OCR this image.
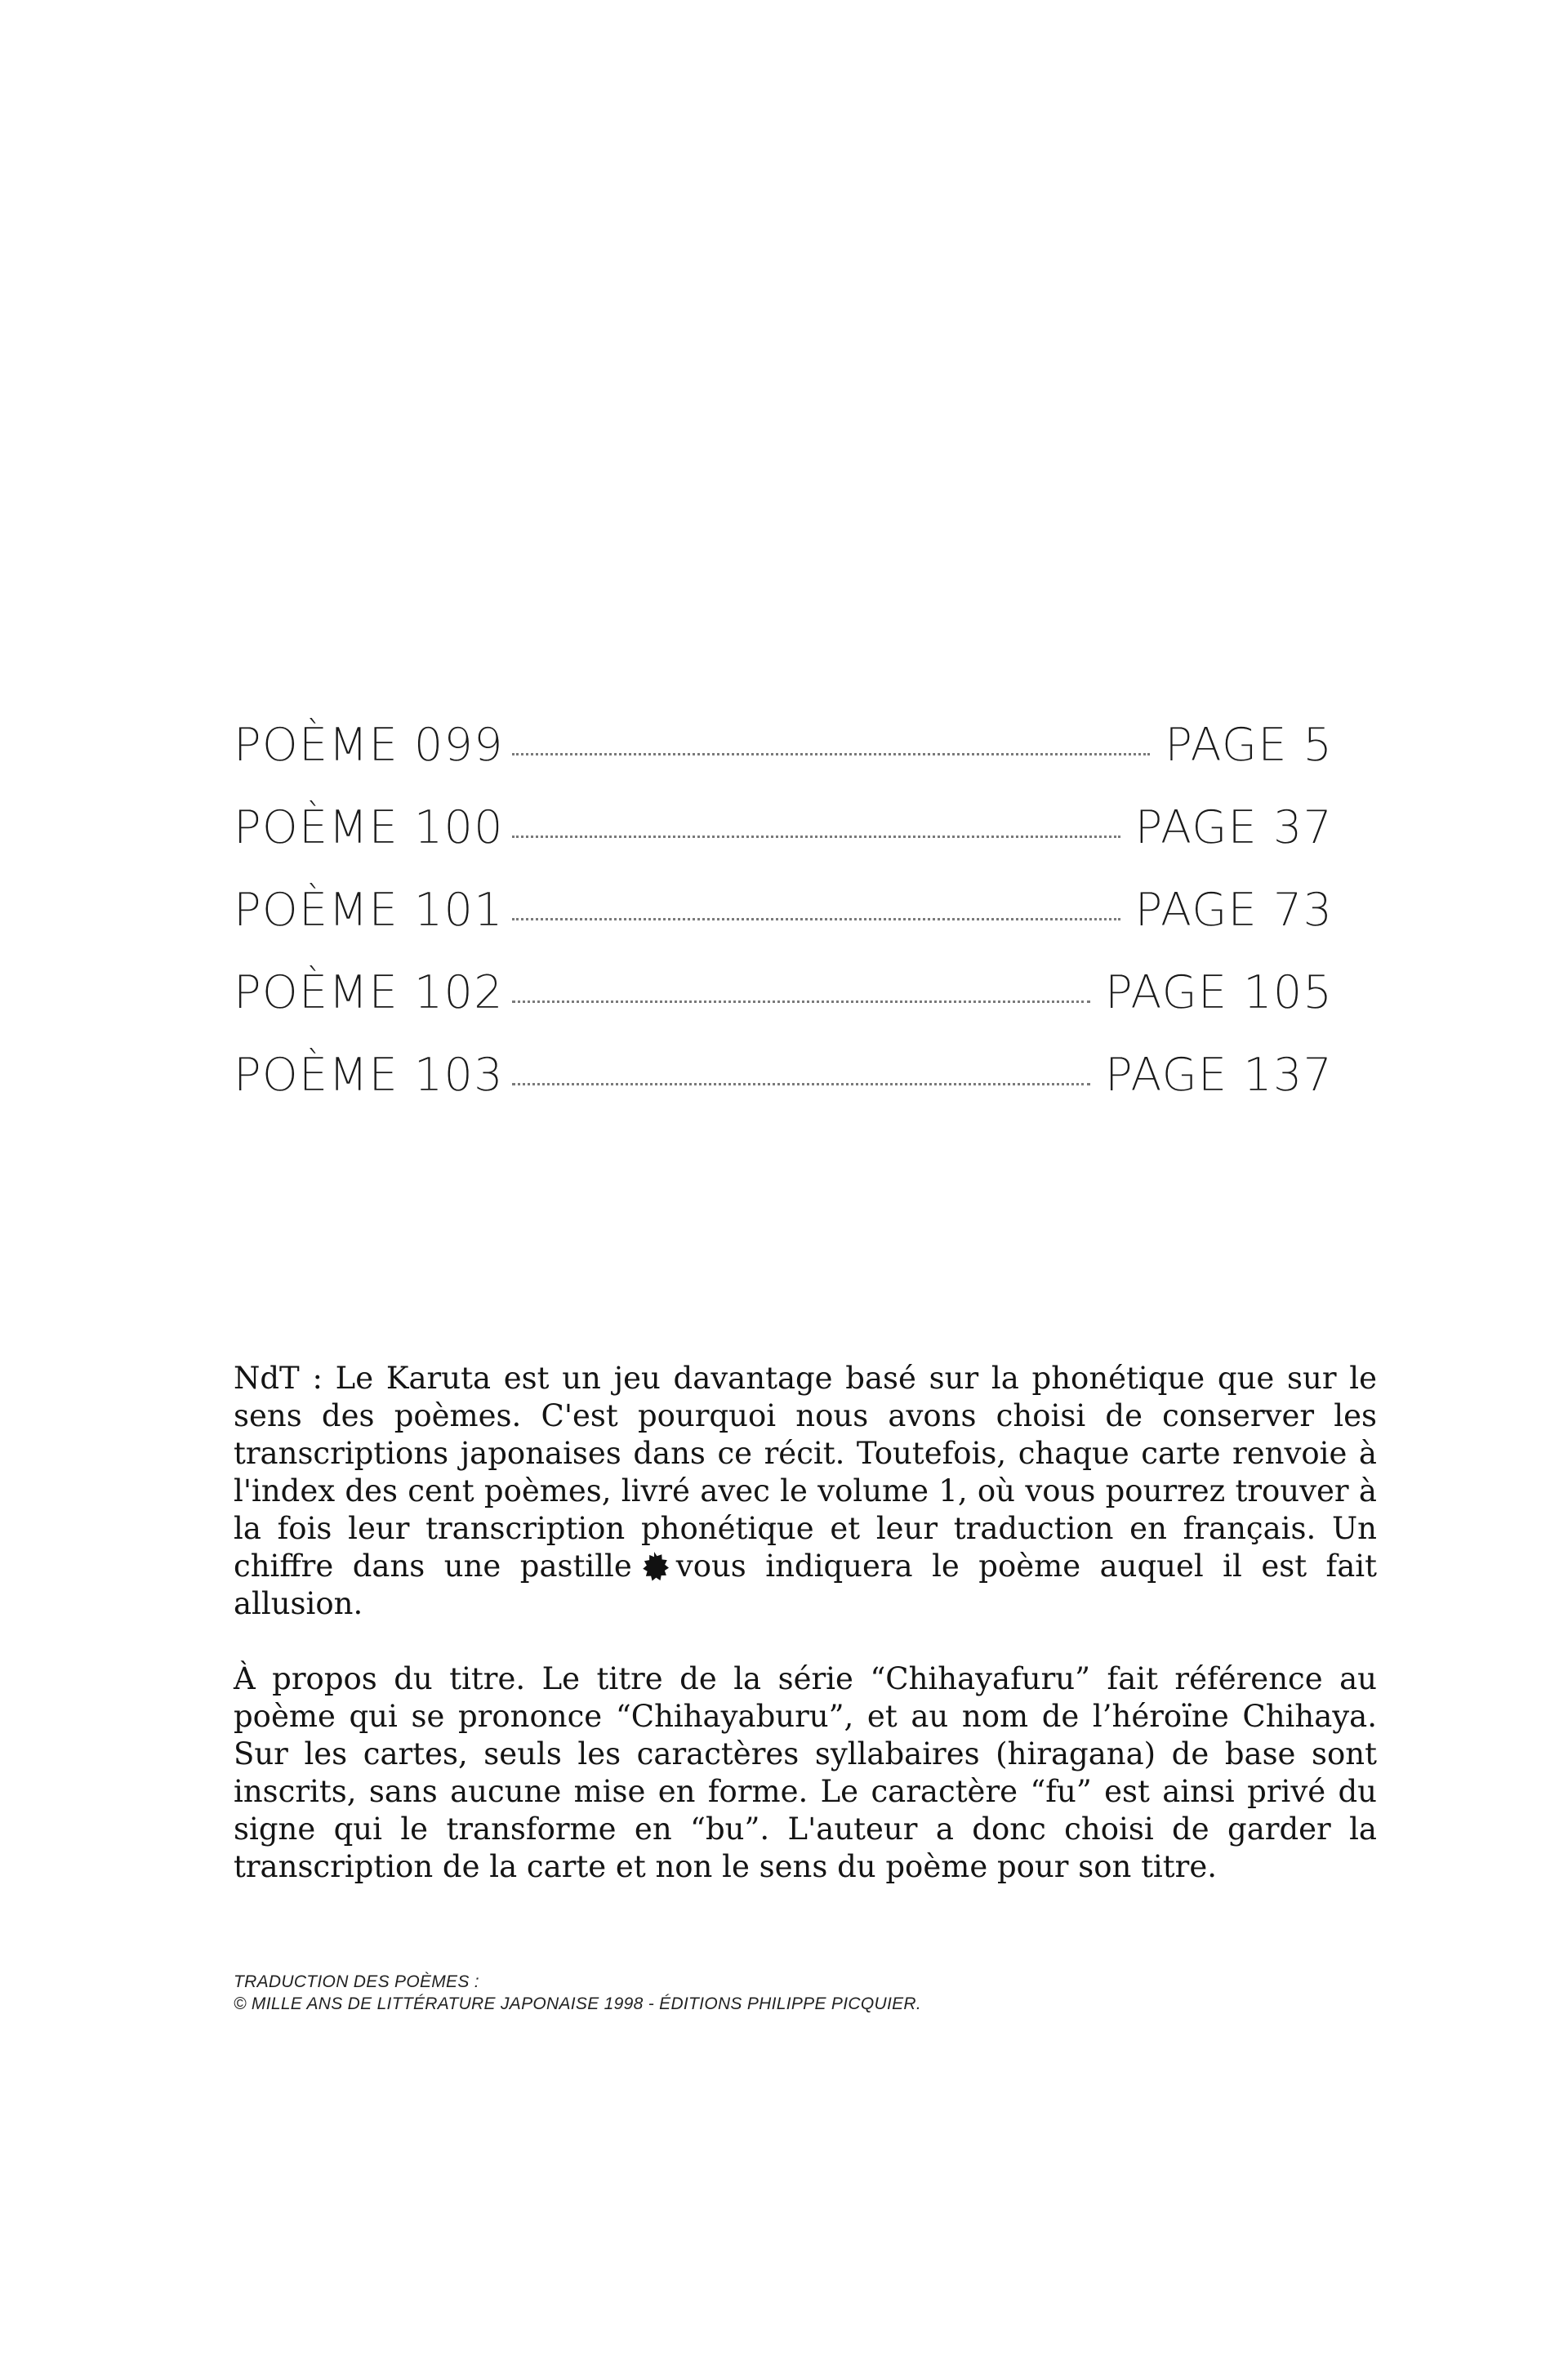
POÈME 099	PAGE 5
POÈME 100	PAGE 37
POÈME 101	PAGE 73
POÈME 102	PAGE 105
POÈME 103	PAGE 137

NdT : Le Karuta est un jeu davantage basé sur la phonétique que sur le sens des poèmes. C'est pourquoi nous avons choisi de conserver les transcriptions japonaises dans ce récit. Toutefois, chaque carte renvoie à l'index des cent poèmes, livré avec le volume 1, où vous pourrez trouver à la fois leur transcription phonétique et leur traduction en français. Un chiffre dans une pastille vous indiquera le poème auquel il est fait allusion.

À propos du titre. Le titre de la série “Chihayafuru” fait référence au poème qui se prononce “Chihayaburu”, et au nom de l’héroïne Chihaya. Sur les cartes, seuls les caractères syllabaires (hiragana) de base sont inscrits, sans aucune mise en forme. Le caractère “fu” est ainsi privé du signe qui le transforme en “bu”. L'auteur a donc choisi de garder la transcription de la carte et non le sens du poème pour son titre.

TRADUCTION DES POÈMES :
© MILLE ANS DE LITTÉRATURE JAPONAISE 1998 - ÉDITIONS PHILIPPE PICQUIER.
